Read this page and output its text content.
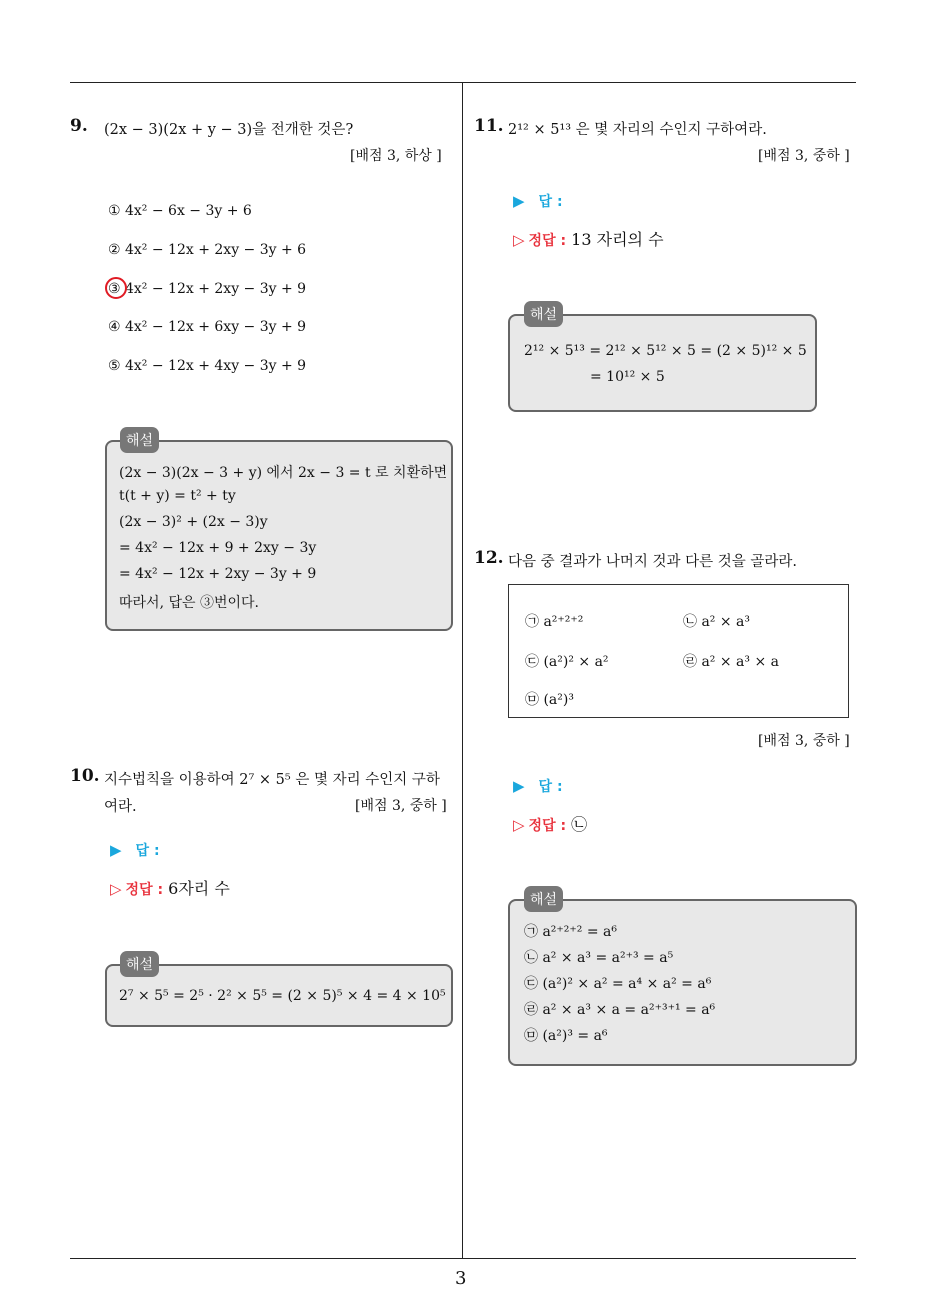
9. (2x − 3)(2x + y − 3)을 전개한 것은?
[배점 3, 하상 ]
① 4x² − 6x − 3y + 6
② 4x² − 12x + 2xy − 3y + 6
③ 4x² − 12x + 2xy − 3y + 9
④ 4x² − 12x + 6xy − 3y + 9
⑤ 4x² − 12x + 4xy − 3y + 9
(2x − 3)(2x − 3 + y) 에서 2x − 3 = t 로 치환하면
t(t + y) = t² + ty
(2x − 3)² + (2x − 3)y
= 4x² − 12x + 9 + 2xy − 3y
= 4x² − 12x + 2xy − 3y + 9
따라서, 답은 ③번이다.
해설
10. 지수법칙을 이용하여 2⁷ × 5⁵ 은 몇 자리 수인지 구하
여라.	[배점 3, 중하 ]
▶ 답 :
▷ 정답 : 6자리 수
2⁷ × 5⁵ = 2⁵ · 2² × 5⁵ = (2 × 5)⁵ × 4 = 4 × 10⁵
해설
11. 2¹² × 5¹³ 은 몇 자리의 수인지 구하여라.
[배점 3, 중하 ]
▶ 답 :
▷ 정답 : 13 자리의 수
2¹² × 5¹³ = 2¹² × 5¹² × 5 = (2 × 5)¹² × 5
= 10¹² × 5
해설
12. 다음 중 결과가 나머지 것과 다른 것을 골라라.
㉠ a²⁺²⁺²	㉡ a² × a³
㉢ (a²)² × a²	㉣ a² × a³ × a
㉤ (a²)³
[배점 3, 중하 ]
▶ 답 :
▷ 정답 : ㉡
㉠ a²⁺²⁺² = a⁶
㉡ a² × a³ = a²⁺³ = a⁵
㉢ (a²)² × a² = a⁴ × a² = a⁶
㉣ a² × a³ × a = a²⁺³⁺¹ = a⁶
㉤ (a²)³ = a⁶
해설
3
